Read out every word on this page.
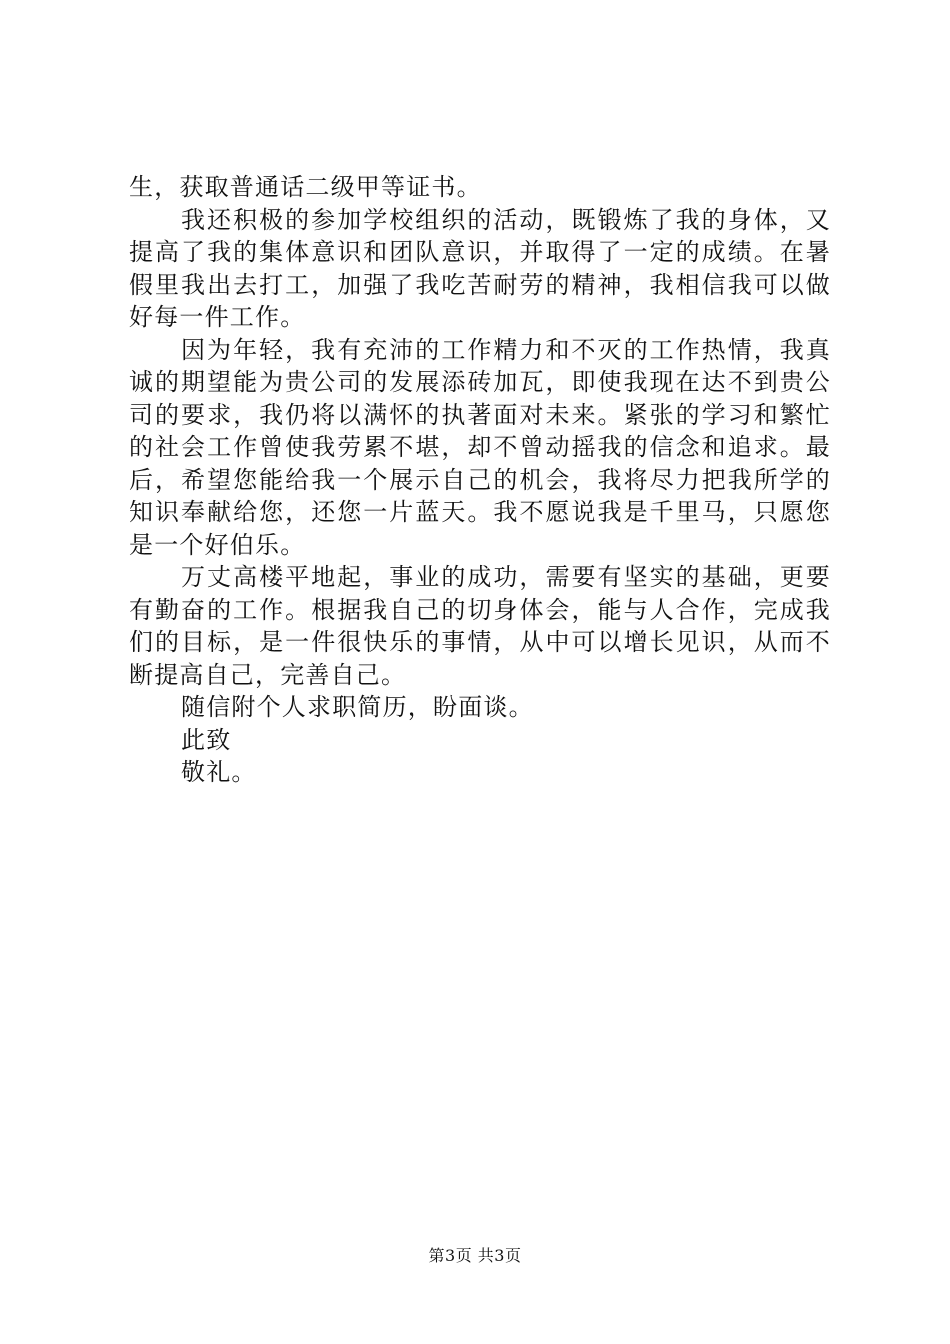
生，获取普通话二级甲等证书。

我还积极的参加学校组织的活动，既锻炼了我的身体，又提高了我的集体意识和团队意识，并取得了一定的成绩。在暑假里我出去打工，加强了我吃苦耐劳的精神，我相信我可以做好每一件工作。

因为年轻，我有充沛的工作精力和不灭的工作热情，我真诚的期望能为贵公司的发展添砖加瓦，即使我现在达不到贵公司的要求，我仍将以满怀的执著面对未来。紧张的学习和繁忙的社会工作曾使我劳累不堪，却不曾动摇我的信念和追求。最后，希望您能给我一个展示自己的机会，我将尽力把我所学的知识奉献给您，还您一片蓝天。我不愿说我是千里马，只愿您是一个好伯乐。

万丈高楼平地起，事业的成功，需要有坚实的基础，更要有勤奋的工作。根据我自己的切身体会，能与人合作，完成我们的目标，是一件很快乐的事情，从中可以增长见识，从而不断提高自己，完善自己。

随信附个人求职简历，盼面谈。

此致

敬礼。

第3页 共3页
